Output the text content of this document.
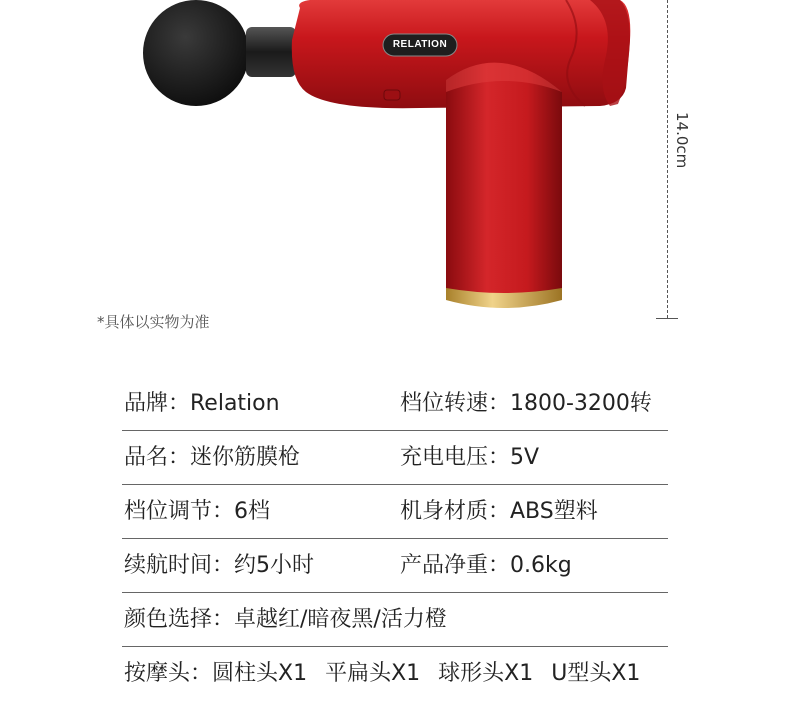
RELATION
14.0cm
*具体以实物为准
品牌：Relation	档位转速：1800-3200转
品名：迷你筋膜枪	充电电压：5V
档位调节：6档	机身材质：ABS塑料
续航时间：约5小时	产品净重：0.6kg
颜色选择：卓越红/暗夜黑/活力橙
按摩头：圆柱头X1 平扁头X1 球形头X1 U型头X1
